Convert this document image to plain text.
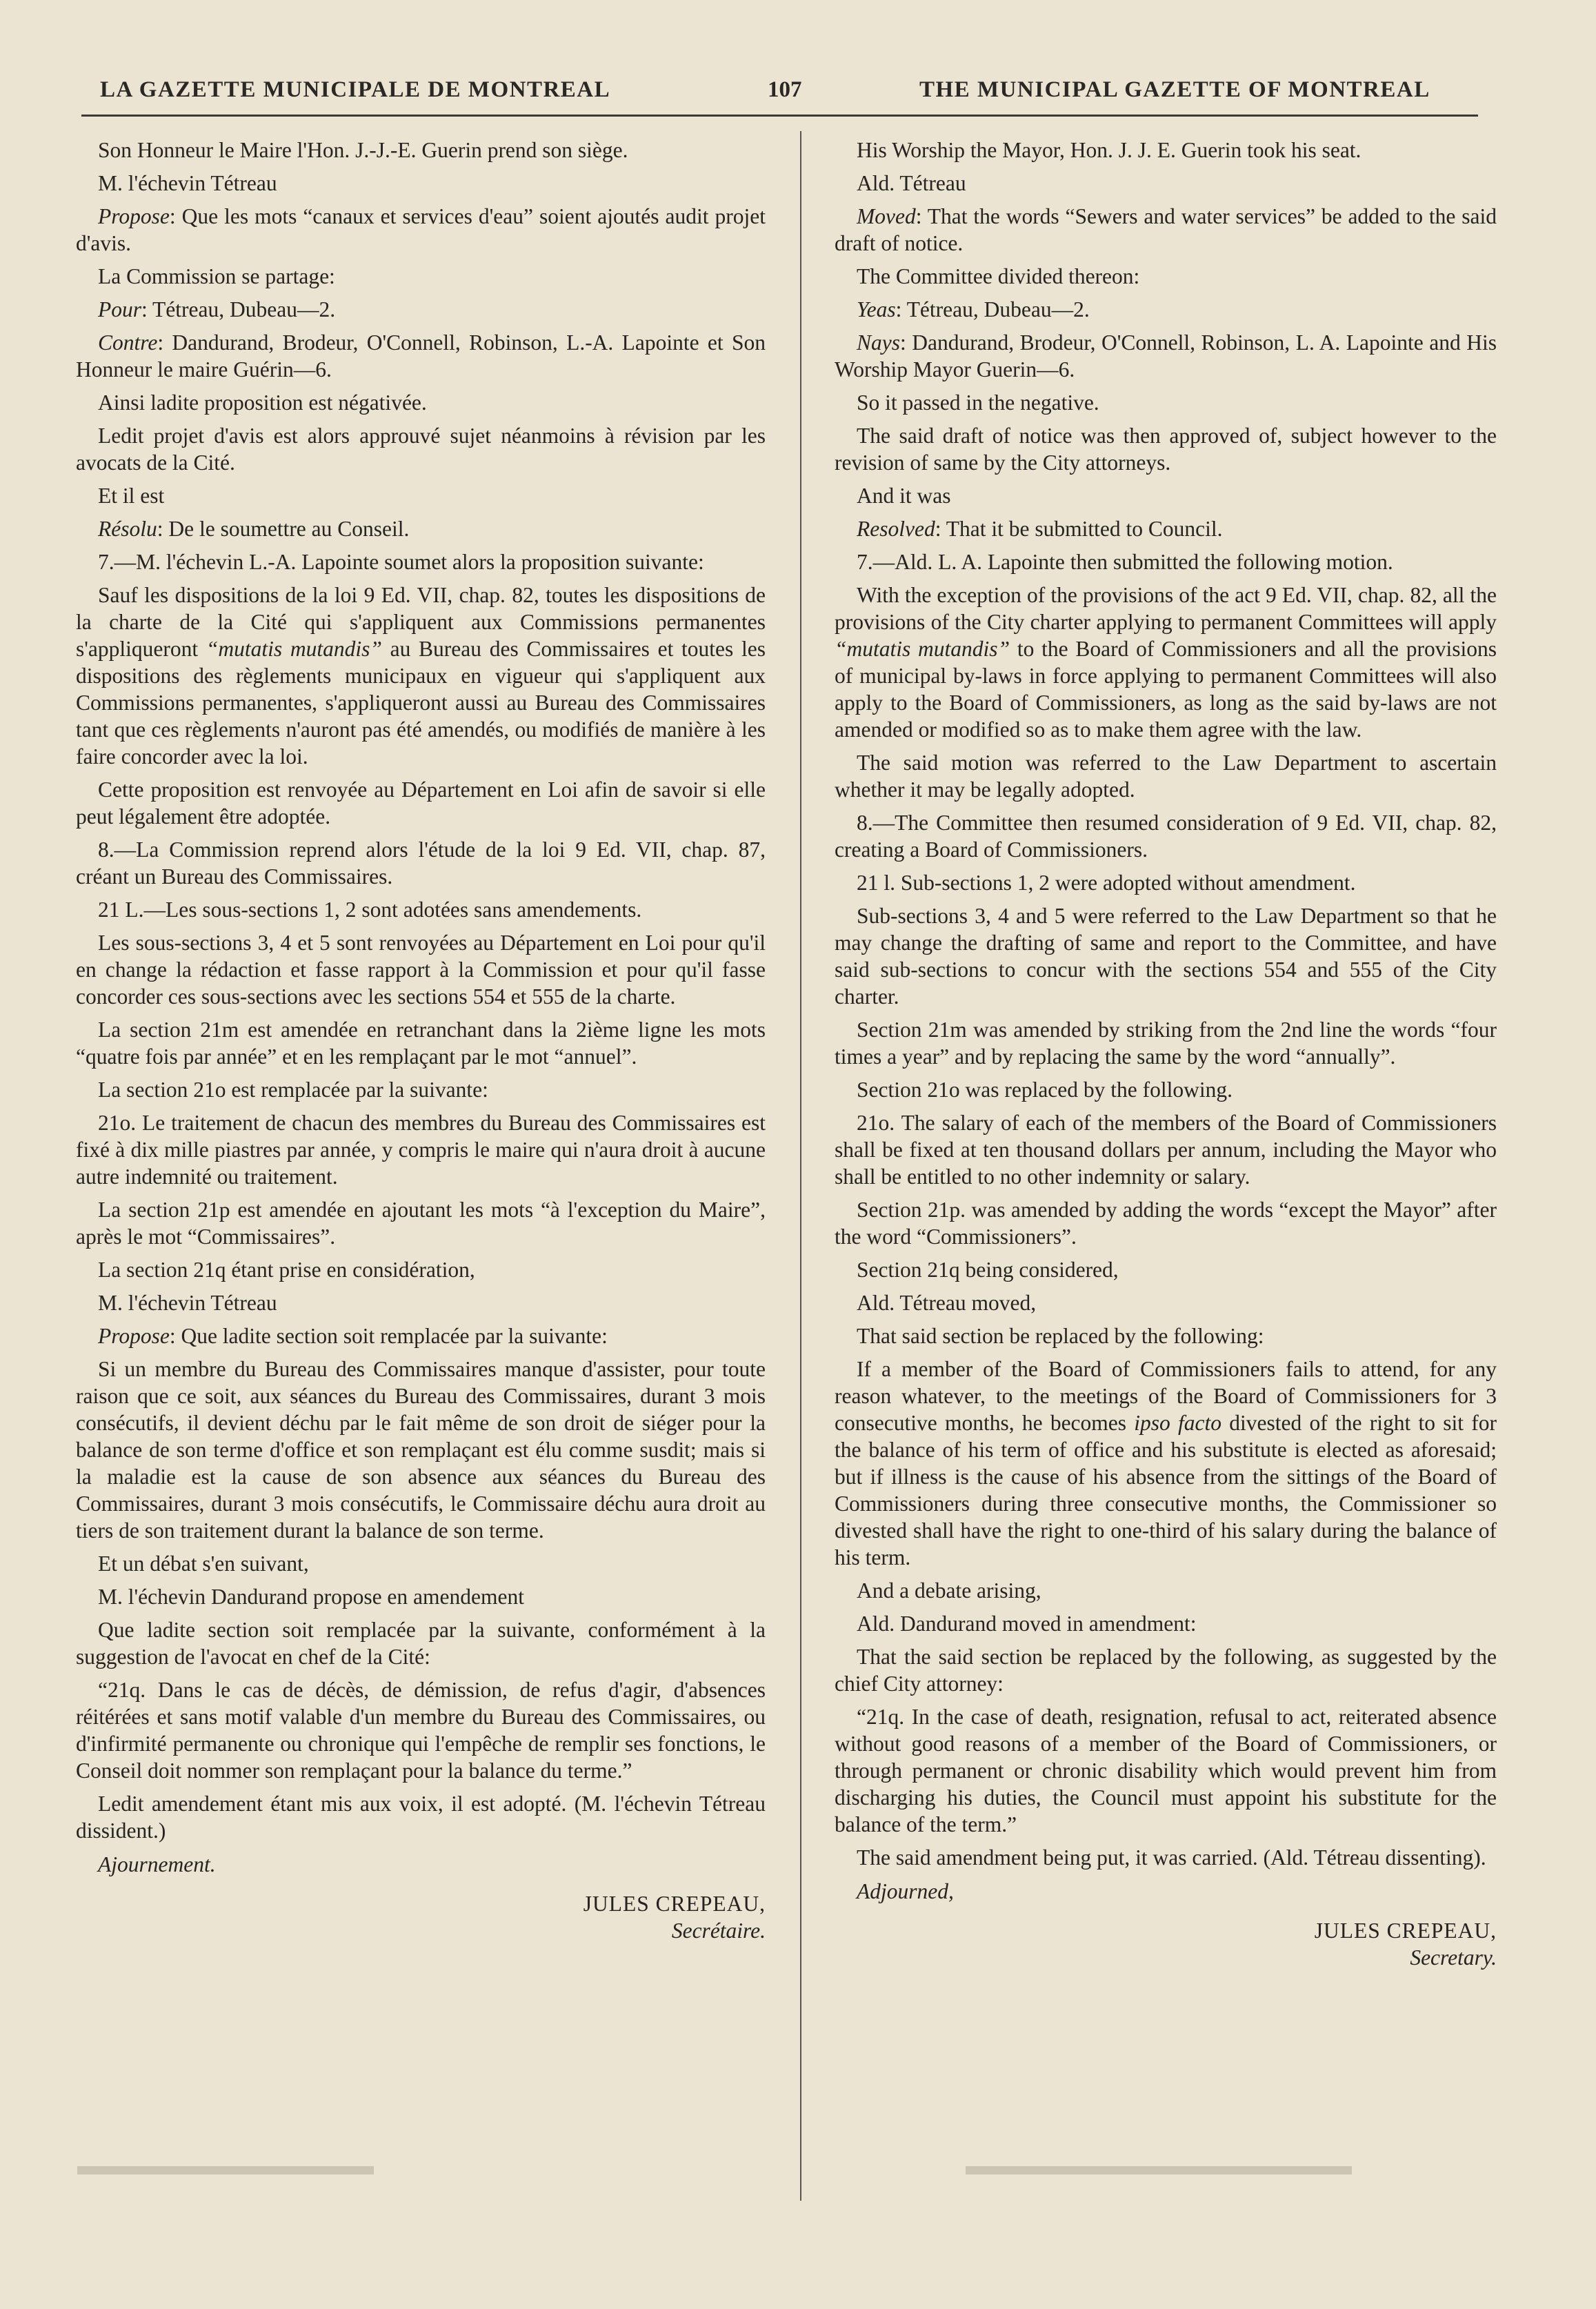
LA GAZETTE MUNICIPALE DE MONTREAL	107	THE MUNICIPAL GAZETTE OF MONTREAL

Son Honneur le Maire l'Hon. J.-J.-E. Guerin prend son siège.

M. l'échevin Tétreau

Propose: Que les mots “canaux et services d'eau” soient ajoutés audit projet d'avis.

La Commission se partage:

Pour: Tétreau, Dubeau—2.

Contre: Dandurand, Brodeur, O'Connell, Robinson, L.-A. Lapointe et Son Honneur le maire Guérin—6.

Ainsi ladite proposition est négativée.

Ledit projet d'avis est alors approuvé sujet néanmoins à révision par les avocats de la Cité.

Et il est

Résolu: De le soumettre au Conseil.

7.—M. l'échevin L.-A. Lapointe soumet alors la proposition suivante:

Sauf les dispositions de la loi 9 Ed. VII, chap. 82, toutes les dispositions de la charte de la Cité qui s'appliquent aux Commissions permanentes s'appliqueront “mutatis mutandis” au Bureau des Commissaires et toutes les dispositions des règlements municipaux en vigueur qui s'appliquent aux Commissions permanentes, s'appliqueront aussi au Bureau des Commissaires tant que ces règlements n'auront pas été amendés, ou modifiés de manière à les faire concorder avec la loi.

Cette proposition est renvoyée au Département en Loi afin de savoir si elle peut légalement être adoptée.

8.—La Commission reprend alors l'étude de la loi 9 Ed. VII, chap. 87, créant un Bureau des Commissaires.

21 L.—Les sous-sections 1, 2 sont adotées sans amendements.

Les sous-sections 3, 4 et 5 sont renvoyées au Département en Loi pour qu'il en change la rédaction et fasse rapport à la Commission et pour qu'il fasse concorder ces sous-sections avec les sections 554 et 555 de la charte.

La section 21m est amendée en retranchant dans la 2ième ligne les mots “quatre fois par année” et en les remplaçant par le mot “annuel”.

La section 21o est remplacée par la suivante:

21o. Le traitement de chacun des membres du Bureau des Commissaires est fixé à dix mille piastres par année, y compris le maire qui n'aura droit à aucune autre indemnité ou traitement.

La section 21p est amendée en ajoutant les mots “à l'exception du Maire”, après le mot “Commissaires”.

La section 21q étant prise en considération,

M. l'échevin Tétreau

Propose: Que ladite section soit remplacée par la suivante:

Si un membre du Bureau des Commissaires manque d'assister, pour toute raison que ce soit, aux séances du Bureau des Commissaires, durant 3 mois consécutifs, il devient déchu par le fait même de son droit de siéger pour la balance de son terme d'office et son remplaçant est élu comme susdit; mais si la maladie est la cause de son absence aux séances du Bureau des Commissaires, durant 3 mois consécutifs, le Commissaire déchu aura droit au tiers de son traitement durant la balance de son terme.

Et un débat s'en suivant,

M. l'échevin Dandurand propose en amendement

Que ladite section soit remplacée par la suivante, conformément à la suggestion de l'avocat en chef de la Cité:

“21q. Dans le cas de décès, de démission, de refus d'agir, d'absences réitérées et sans motif valable d'un membre du Bureau des Commissaires, ou d'infirmité permanente ou chronique qui l'empêche de remplir ses fonctions, le Conseil doit nommer son remplaçant pour la balance du terme.”

Ledit amendement étant mis aux voix, il est adopté. (M. l'échevin Tétreau dissident.)

Ajournement.

JULES CREPEAU,

Secrétaire.

His Worship the Mayor, Hon. J. J. E. Guerin took his seat.

Ald. Tétreau

Moved: That the words “Sewers and water services” be added to the said draft of notice.

The Committee divided thereon:

Yeas: Tétreau, Dubeau—2.

Nays: Dandurand, Brodeur, O'Connell, Robinson, L. A. Lapointe and His Worship Mayor Guerin—6.

So it passed in the negative.

The said draft of notice was then approved of, subject however to the revision of same by the City attorneys.

And it was

Resolved: That it be submitted to Council.

7.—Ald. L. A. Lapointe then submitted the following motion.

With the exception of the provisions of the act 9 Ed. VII, chap. 82, all the provisions of the City charter applying to permanent Committees will apply “mutatis mutandis” to the Board of Commissioners and all the provisions of municipal by-laws in force applying to permanent Committees will also apply to the Board of Commissioners, as long as the said by-laws are not amended or modified so as to make them agree with the law.

The said motion was referred to the Law Department to ascertain whether it may be legally adopted.

8.—The Committee then resumed consideration of 9 Ed. VII, chap. 82, creating a Board of Commissioners.

21 l. Sub-sections 1, 2 were adopted without amendment.

Sub-sections 3, 4 and 5 were referred to the Law Department so that he may change the drafting of same and report to the Committee, and have said sub-sections to concur with the sections 554 and 555 of the City charter.

Section 21m was amended by striking from the 2nd line the words “four times a year” and by replacing the same by the word “annually”.

Section 21o was replaced by the following.

21o. The salary of each of the members of the Board of Commissioners shall be fixed at ten thousand dollars per annum, including the Mayor who shall be entitled to no other indemnity or salary.

Section 21p. was amended by adding the words “except the Mayor” after the word “Commissioners”.

Section 21q being considered,

Ald. Tétreau moved,

That said section be replaced by the following:

If a member of the Board of Commissioners fails to attend, for any reason whatever, to the meetings of the Board of Commissioners for 3 consecutive months, he becomes ipso facto divested of the right to sit for the balance of his term of office and his substitute is elected as aforesaid; but if illness is the cause of his absence from the sittings of the Board of Commissioners during three consecutive months, the Commissioner so divested shall have the right to one-third of his salary during the balance of his term.

And a debate arising,

Ald. Dandurand moved in amendment:

That the said section be replaced by the following, as suggested by the chief City attorney:

“21q. In the case of death, resignation, refusal to act, reiterated absence without good reasons of a member of the Board of Commissioners, or through permanent or chronic disability which would prevent him from discharging his duties, the Council must appoint his substitute for the balance of the term.”

The said amendment being put, it was carried. (Ald. Tétreau dissenting).

Adjourned,

JULES CREPEAU,

Secretary.
